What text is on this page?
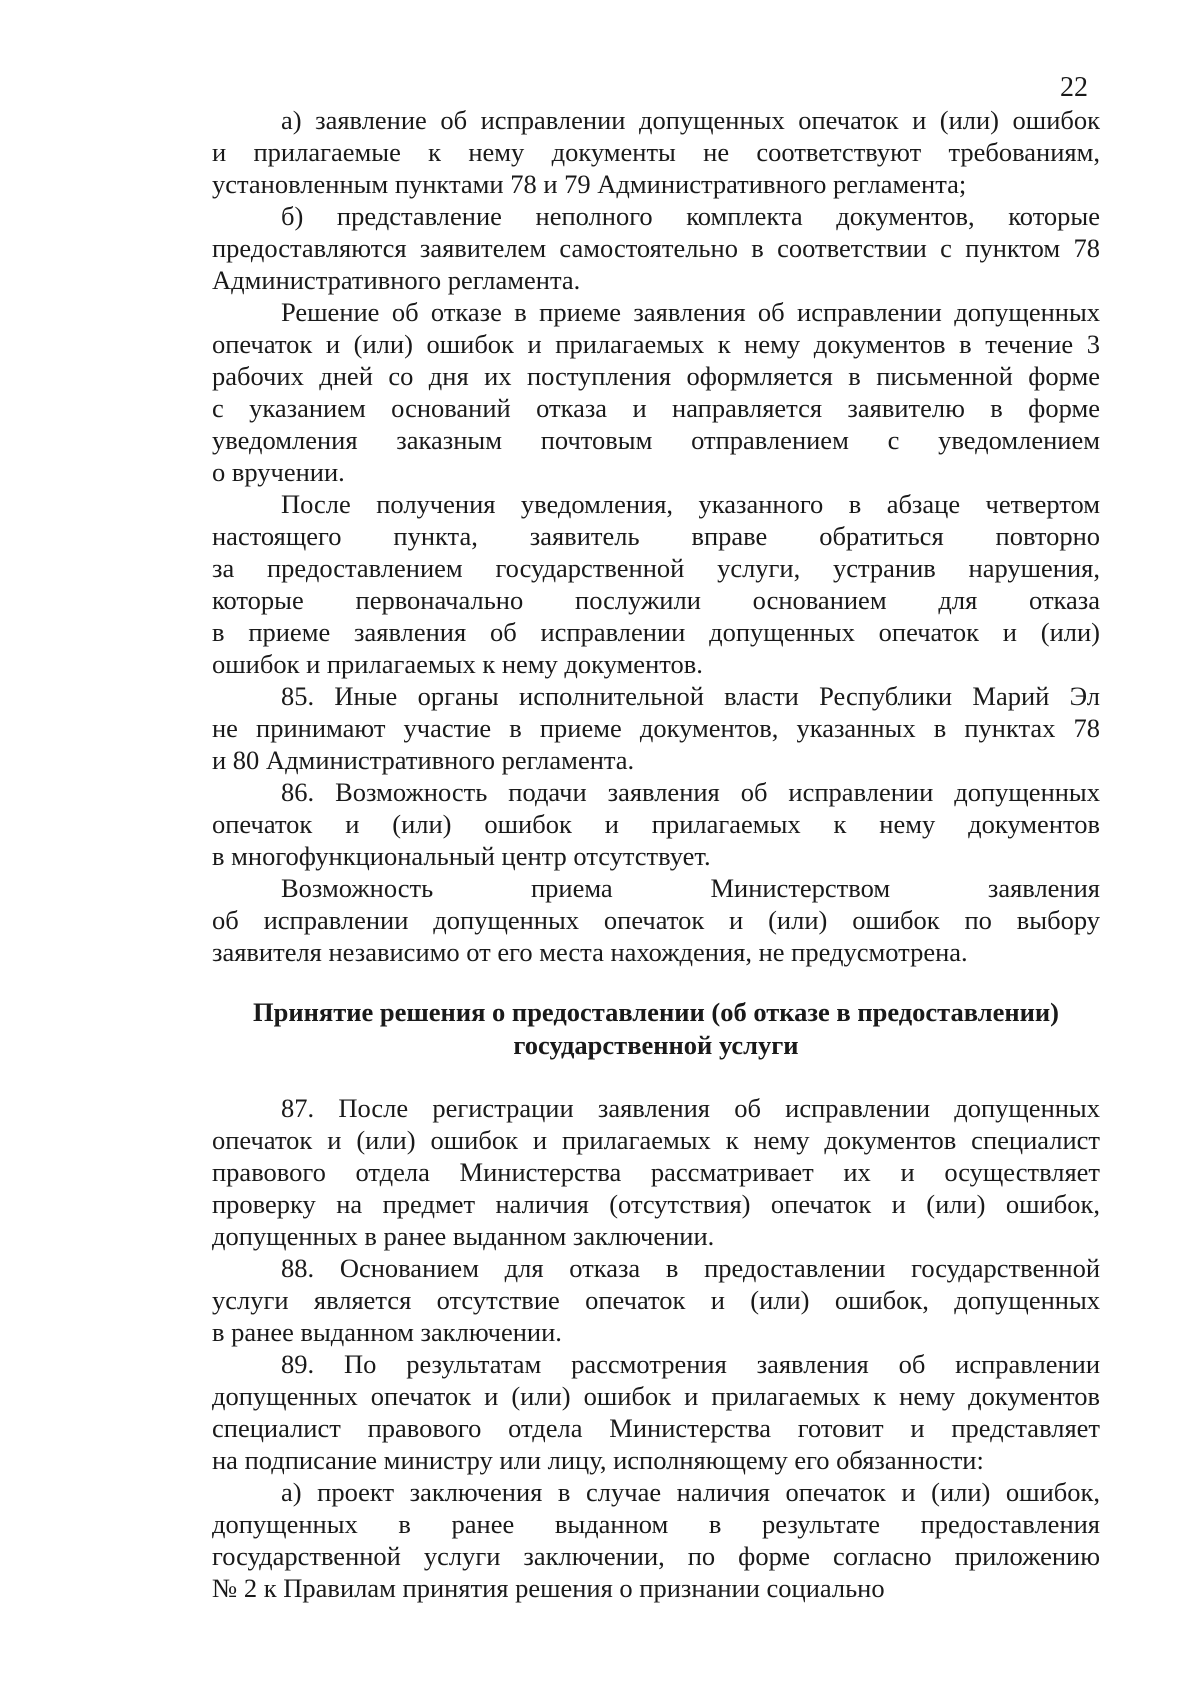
22
а) заявление об исправлении допущенных опечаток и (или) ошибок
и прилагаемые к нему документы не соответствуют требованиям,
установленным пунктами 78 и 79 Административного регламента;
б) представление неполного комплекта документов, которые
предоставляются заявителем самостоятельно в соответствии с пунктом 78
Административного регламента.
Решение об отказе в приеме заявления об исправлении допущенных
опечаток и (или) ошибок и прилагаемых к нему документов в течение 3
рабочих дней со дня их поступления оформляется в письменной форме
с указанием оснований отказа и направляется заявителю в форме
уведомления заказным почтовым отправлением с уведомлением
о вручении.
После получения уведомления, указанного в абзаце четвертом
настоящего пункта, заявитель вправе обратиться повторно
за предоставлением государственной услуги, устранив нарушения,
которые первоначально послужили основанием для отказа
в приеме заявления об исправлении допущенных опечаток и (или)
ошибок и прилагаемых к нему документов.
85. Иные органы исполнительной власти Республики Марий Эл
не принимают участие в приеме документов, указанных в пунктах 78
и 80 Административного регламента.
86. Возможность подачи заявления об исправлении допущенных
опечаток и (или) ошибок и прилагаемых к нему документов
в многофункциональный центр отсутствует.
Возможность приема Министерством заявления
об исправлении допущенных опечаток и (или) ошибок по выбору
заявителя независимо от его места нахождения, не предусмотрена.
Принятие решения о предоставлении (об отказе в предоставлении)
государственной услуги
87. После регистрации заявления об исправлении допущенных
опечаток и (или) ошибок и прилагаемых к нему документов специалист
правового отдела Министерства рассматривает их и осуществляет
проверку на предмет наличия (отсутствия) опечаток и (или) ошибок,
допущенных в ранее выданном заключении.
88. Основанием для отказа в предоставлении государственной
услуги является отсутствие опечаток и (или) ошибок, допущенных
в ранее выданном заключении.
89. По результатам рассмотрения заявления об исправлении
допущенных опечаток и (или) ошибок и прилагаемых к нему документов
специалист правового отдела Министерства готовит и представляет
на подписание министру или лицу, исполняющему его обязанности:
а) проект заключения в случае наличия опечаток и (или) ошибок,
допущенных в ранее выданном в результате предоставления
государственной услуги заключении, по форме согласно приложению
№ 2 к Правилам принятия решения о признании социально
